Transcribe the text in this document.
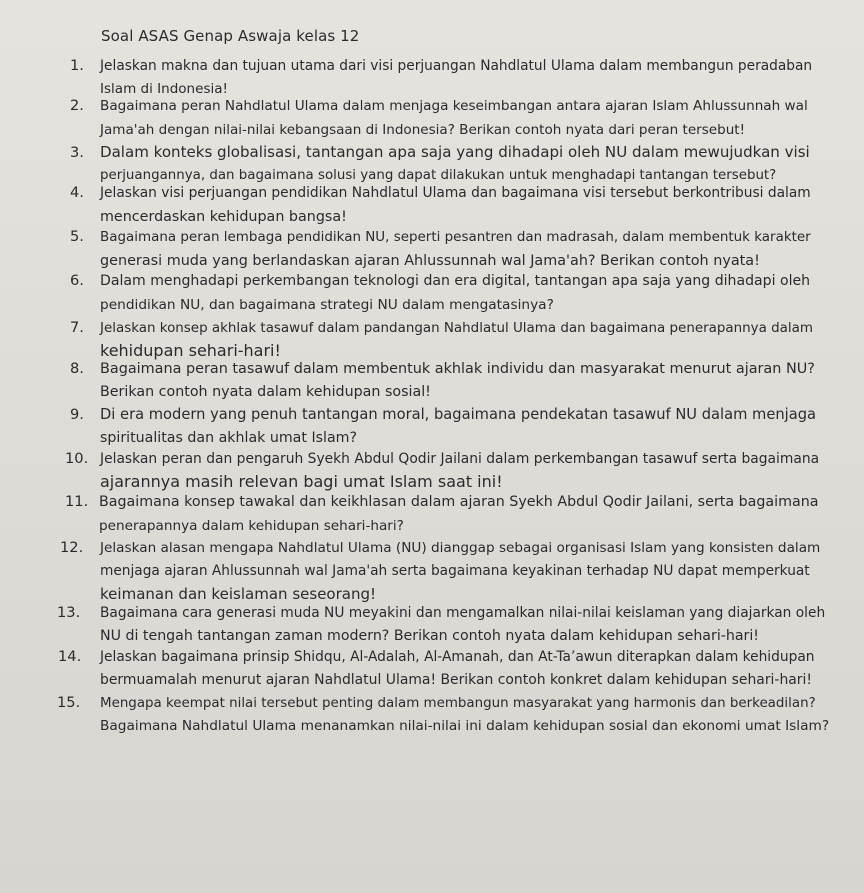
Soal ASAS Genap Aswaja kelas 12
1. Jelaskan makna dan tujuan utama dari visi perjuangan Nahdlatul Ulama dalam membangun peradaban
Islam di Indonesia!
2. Bagaimana peran Nahdlatul Ulama dalam menjaga keseimbangan antara ajaran Islam Ahlussunnah wal
Jama'ah dengan nilai-nilai kebangsaan di Indonesia? Berikan contoh nyata dari peran tersebut!
3. Dalam konteks globalisasi, tantangan apa saja yang dihadapi oleh NU dalam mewujudkan visi
perjuangannya, dan bagaimana solusi yang dapat dilakukan untuk menghadapi tantangan tersebut?
4. Jelaskan visi perjuangan pendidikan Nahdlatul Ulama dan bagaimana visi tersebut berkontribusi dalam
mencerdaskan kehidupan bangsa!
5. Bagaimana peran lembaga pendidikan NU, seperti pesantren dan madrasah, dalam membentuk karakter
generasi muda yang berlandaskan ajaran Ahlussunnah wal Jama'ah? Berikan contoh nyata!
6. Dalam menghadapi perkembangan teknologi dan era digital, tantangan apa saja yang dihadapi oleh
pendidikan NU, dan bagaimana strategi NU dalam mengatasinya?
7. Jelaskan konsep akhlak tasawuf dalam pandangan Nahdlatul Ulama dan bagaimana penerapannya dalam
kehidupan sehari-hari!
8. Bagaimana peran tasawuf dalam membentuk akhlak individu dan masyarakat menurut ajaran NU?
Berikan contoh nyata dalam kehidupan sosial!
9. Di era modern yang penuh tantangan moral, bagaimana pendekatan tasawuf NU dalam menjaga
spiritualitas dan akhlak umat Islam?
10. Jelaskan peran dan pengaruh Syekh Abdul Qodir Jailani dalam perkembangan tasawuf serta bagaimana
ajarannya masih relevan bagi umat Islam saat ini!
11. Bagaimana konsep tawakal dan keikhlasan dalam ajaran Syekh Abdul Qodir Jailani, serta bagaimana
penerapannya dalam kehidupan sehari-hari?
12. Jelaskan alasan mengapa Nahdlatul Ulama (NU) dianggap sebagai organisasi Islam yang konsisten dalam
menjaga ajaran Ahlussunnah wal Jama'ah serta bagaimana keyakinan terhadap NU dapat memperkuat
keimanan dan keislaman seseorang!
13. Bagaimana cara generasi muda NU meyakini dan mengamalkan nilai-nilai keislaman yang diajarkan oleh
NU di tengah tantangan zaman modern? Berikan contoh nyata dalam kehidupan sehari-hari!
14. Jelaskan bagaimana prinsip Shidqu, Al-Adalah, Al-Amanah, dan At-Ta’awun diterapkan dalam kehidupan
bermuamalah menurut ajaran Nahdlatul Ulama! Berikan contoh konkret dalam kehidupan sehari-hari!
15. Mengapa keempat nilai tersebut penting dalam membangun masyarakat yang harmonis dan berkeadilan?
Bagaimana Nahdlatul Ulama menanamkan nilai-nilai ini dalam kehidupan sosial dan ekonomi umat Islam?
